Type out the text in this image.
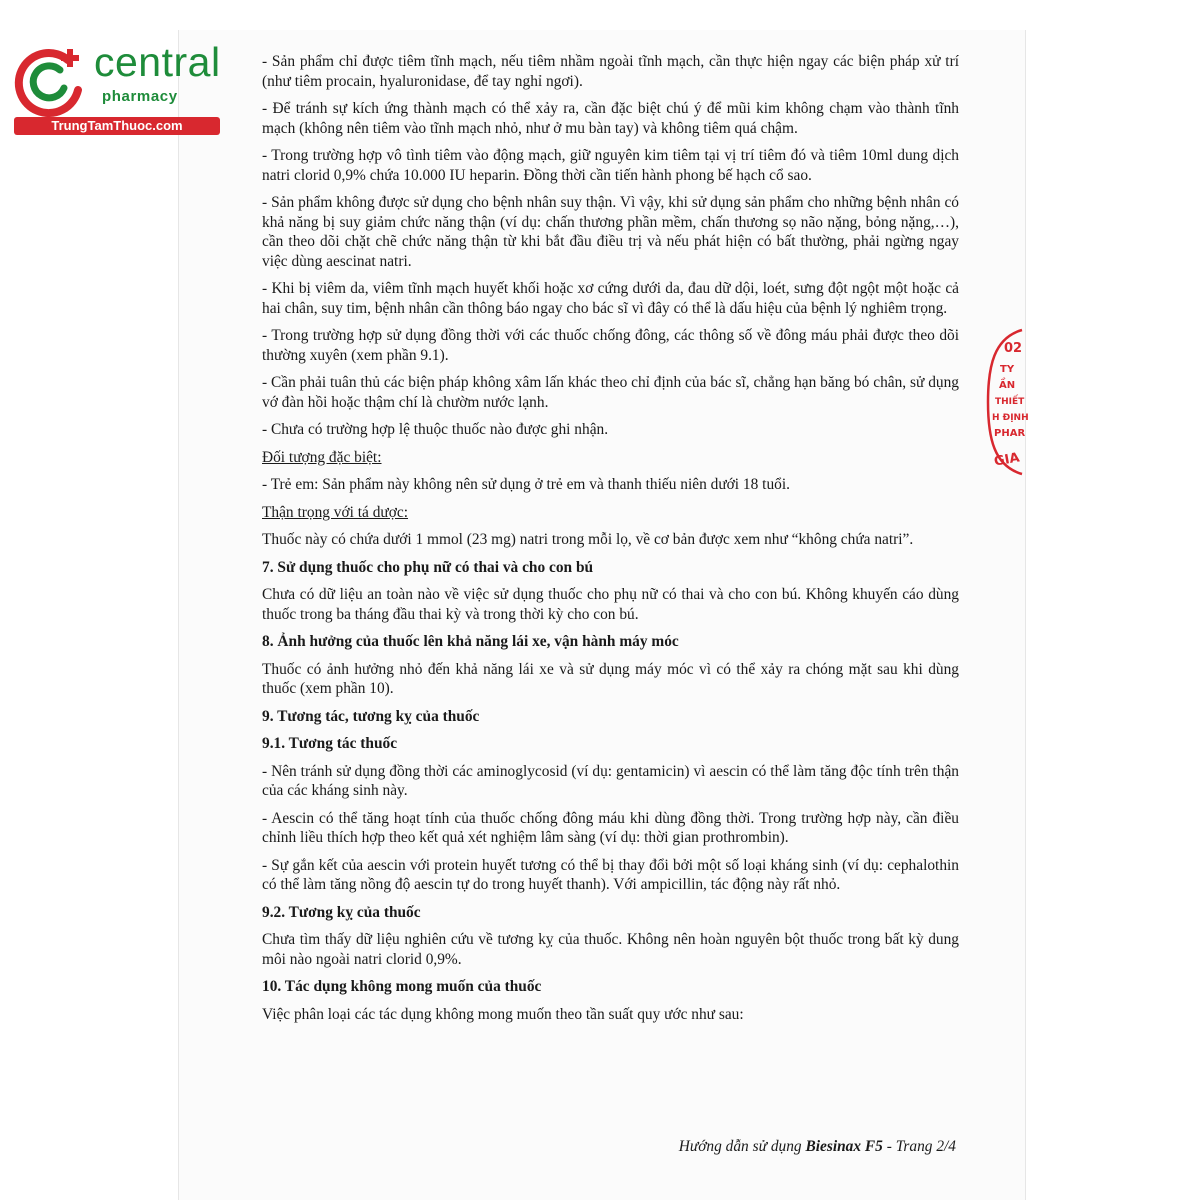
central
pharmacy
TrungTamThuoc.com

- Sản phẩm chỉ được tiêm tĩnh mạch, nếu tiêm nhầm ngoài tĩnh mạch, cần thực hiện ngay các biện pháp xử trí (như tiêm procain, hyaluronidase, để tay nghỉ ngơi).

- Để tránh sự kích ứng thành mạch có thể xảy ra, cần đặc biệt chú ý để mũi kim không chạm vào thành tĩnh mạch (không nên tiêm vào tĩnh mạch nhỏ, như ở mu bàn tay) và không tiêm quá chậm.

- Trong trường hợp vô tình tiêm vào động mạch, giữ nguyên kim tiêm tại vị trí tiêm đó và tiêm 10ml dung dịch natri clorid 0,9% chứa 10.000 IU heparin. Đồng thời cần tiến hành phong bế hạch cổ sao.

- Sản phẩm không được sử dụng cho bệnh nhân suy thận. Vì vậy, khi sử dụng sản phẩm cho những bệnh nhân có khả năng bị suy giảm chức năng thận (ví dụ: chấn thương phần mềm, chấn thương sọ não nặng, bỏng nặng,…), cần theo dõi chặt chẽ chức năng thận từ khi bắt đầu điều trị và nếu phát hiện có bất thường, phải ngừng ngay việc dùng aescinat natri.

- Khi bị viêm da, viêm tĩnh mạch huyết khối hoặc xơ cứng dưới da, đau dữ dội, loét, sưng đột ngột một hoặc cả hai chân, suy tim, bệnh nhân cần thông báo ngay cho bác sĩ vì đây có thể là dấu hiệu của bệnh lý nghiêm trọng.

- Trong trường hợp sử dụng đồng thời với các thuốc chống đông, các thông số về đông máu phải được theo dõi thường xuyên (xem phần 9.1).

- Cần phải tuân thủ các biện pháp không xâm lấn khác theo chỉ định của bác sĩ, chẳng hạn băng bó chân, sử dụng vớ đàn hồi hoặc thậm chí là chườm nước lạnh.

- Chưa có trường hợp lệ thuộc thuốc nào được ghi nhận.

Đối tượng đặc biệt:

- Trẻ em: Sản phẩm này không nên sử dụng ở trẻ em và thanh thiếu niên dưới 18 tuổi.

Thận trọng với tá dược:

Thuốc này có chứa dưới 1 mmol (23 mg) natri trong mỗi lọ, về cơ bản được xem như “không chứa natri”.

7. Sử dụng thuốc cho phụ nữ có thai và cho con bú

Chưa có dữ liệu an toàn nào về việc sử dụng thuốc cho phụ nữ có thai và cho con bú. Không khuyến cáo dùng thuốc trong ba tháng đầu thai kỳ và trong thời kỳ cho con bú.

8. Ảnh hưởng của thuốc lên khả năng lái xe, vận hành máy móc

Thuốc có ảnh hưởng nhỏ đến khả năng lái xe và sử dụng máy móc vì có thể xảy ra chóng mặt sau khi dùng thuốc (xem phần 10).

9. Tương tác, tương kỵ của thuốc
9.1. Tương tác thuốc

- Nên tránh sử dụng đồng thời các aminoglycosid (ví dụ: gentamicin) vì aescin có thể làm tăng độc tính trên thận của các kháng sinh này.

- Aescin có thể tăng hoạt tính của thuốc chống đông máu khi dùng đồng thời. Trong trường hợp này, cần điều chỉnh liều thích hợp theo kết quả xét nghiệm lâm sàng (ví dụ: thời gian prothrombin).

- Sự gắn kết của aescin với protein huyết tương có thể bị thay đổi bởi một số loại kháng sinh (ví dụ: cephalothin có thể làm tăng nồng độ aescin tự do trong huyết thanh). Với ampicillin, tác động này rất nhỏ.

9.2. Tương kỵ của thuốc

Chưa tìm thấy dữ liệu nghiên cứu về tương kỵ của thuốc. Không nên hoàn nguyên bột thuốc trong bất kỳ dung môi nào ngoài natri clorid 0,9%.

10. Tác dụng không mong muốn của thuốc

Việc phân loại các tác dụng không mong muốn theo tần suất quy ước như sau:

Hướng dẫn sử dụng Biesinax F5 - Trang 2/4
02
TY
ẦN
THIẾT
H ĐỊNH
PHAR
GIA
